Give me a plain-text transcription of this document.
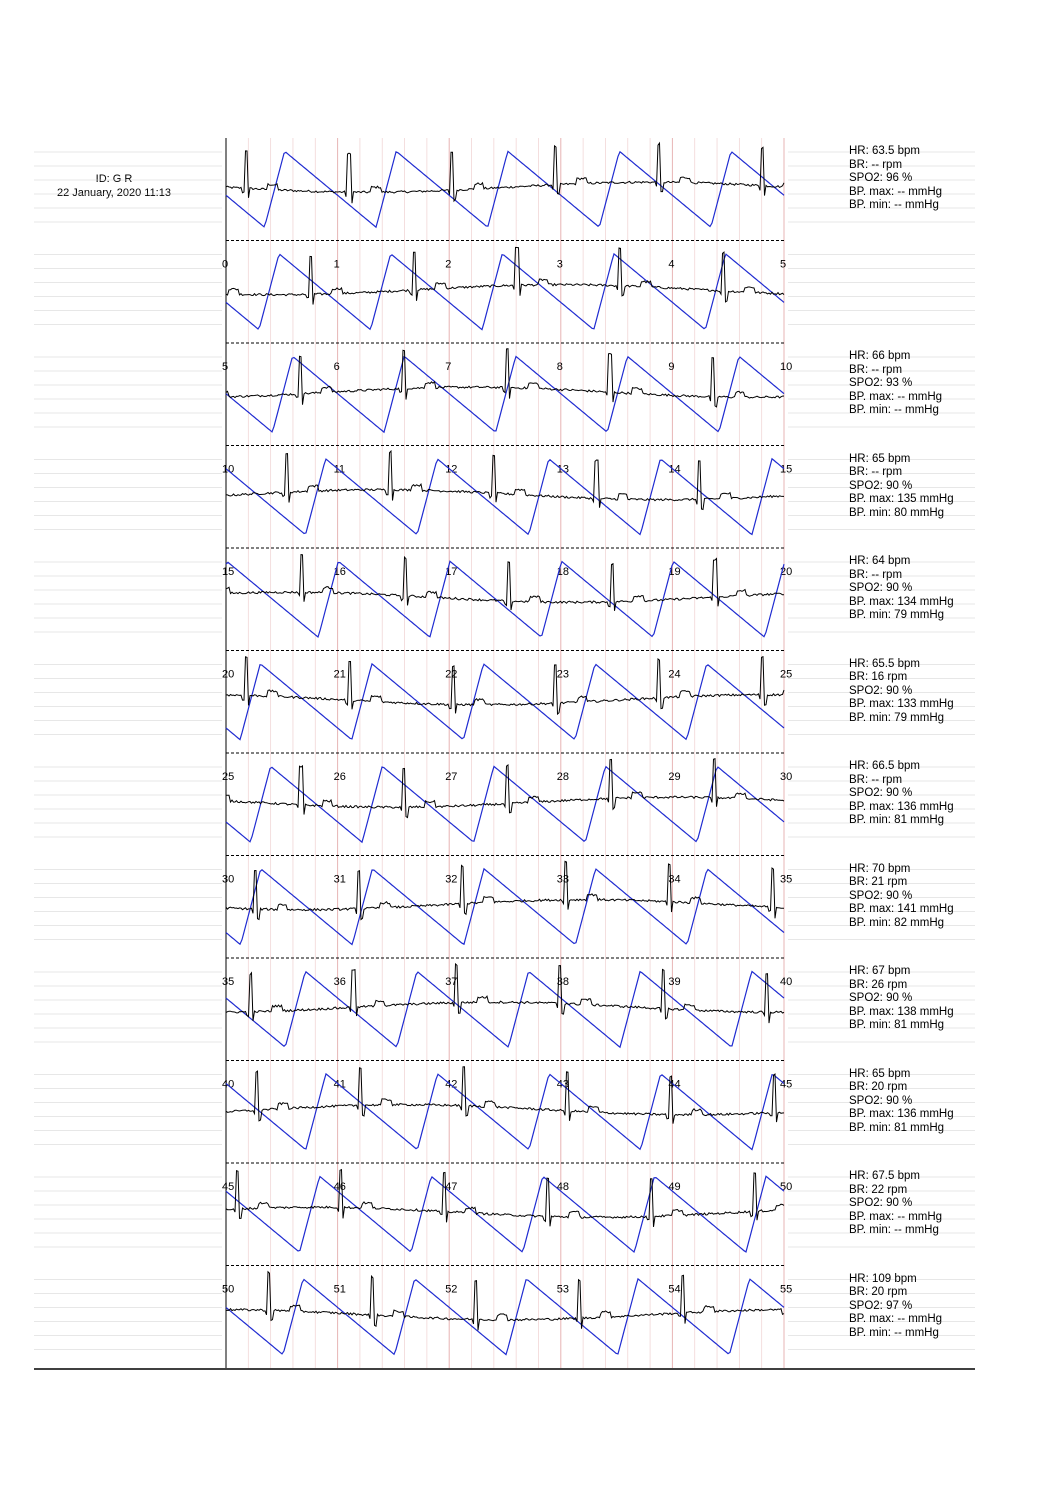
ID: G R
22 January, 2020 11:13
0	1	2	3	4	5
5	6	7	8	9	10
10	11	12	13	14	15
15	16	17	18	19	20
20	21	22	23	24	25
25	26	27	28	29	30
30	31	32	33	34	35
35	36	37	38	39	40
40	41	42	43	44	45
45	46	47	48	49	50
50	51	52	53	54	55
HR: 63.5 bpm
BR: -- rpm
SPO2: 96 %
BP. max: -- mmHg
BP. min: -- mmHg
HR: 66 bpm
BR: -- rpm
SPO2: 93 %
BP. max: -- mmHg
BP. min: -- mmHg
HR: 65 bpm
BR: -- rpm
SPO2: 90 %
BP. max: 135 mmHg
BP. min: 80 mmHg
HR: 64 bpm
BR: -- rpm
SPO2: 90 %
BP. max: 134 mmHg
BP. min: 79 mmHg
HR: 65.5 bpm
BR: 16 rpm
SPO2: 90 %
BP. max: 133 mmHg
BP. min: 79 mmHg
HR: 66.5 bpm
BR: -- rpm
SPO2: 90 %
BP. max: 136 mmHg
BP. min: 81 mmHg
HR: 70 bpm
BR: 21 rpm
SPO2: 90 %
BP. max: 141 mmHg
BP. min: 82 mmHg
HR: 67 bpm
BR: 26 rpm
SPO2: 90 %
BP. max: 138 mmHg
BP. min: 81 mmHg
HR: 65 bpm
BR: 20 rpm
SPO2: 90 %
BP. max: 136 mmHg
BP. min: 81 mmHg
HR: 67.5 bpm
BR: 22 rpm
SPO2: 90 %
BP. max: -- mmHg
BP. min: -- mmHg
HR: 109 bpm
BR: 20 rpm
SPO2: 97 %
BP. max: -- mmHg
BP. min: -- mmHg
